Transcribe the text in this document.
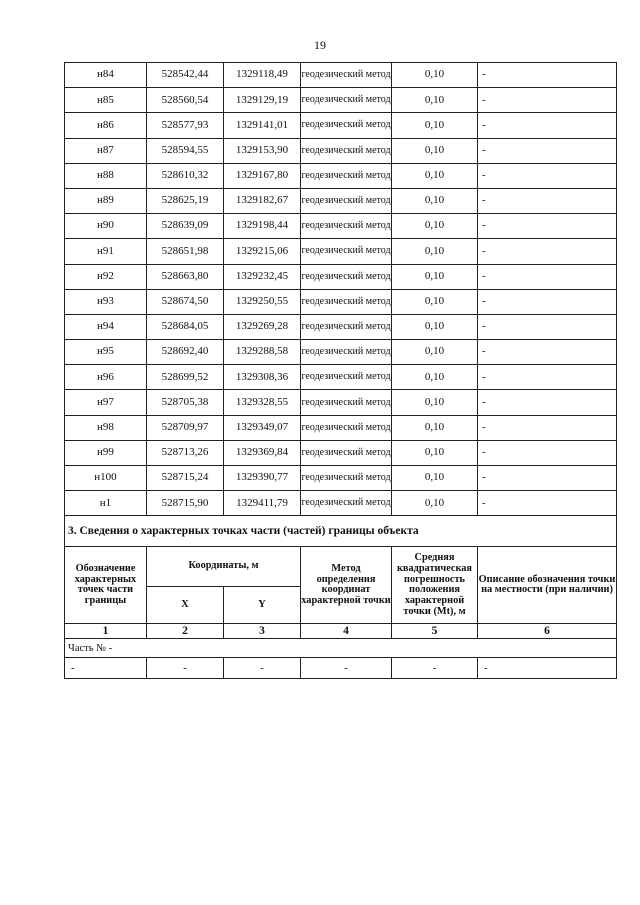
19
н84	528542,44	1329118,49	геодезический метод	0,10	-
н85	528560,54	1329129,19	геодезический метод	0,10	-
н86	528577,93	1329141,01	геодезический метод	0,10	-
н87	528594,55	1329153,90	геодезический метод	0,10	-
н88	528610,32	1329167,80	геодезический метод	0,10	-
н89	528625,19	1329182,67	геодезический метод	0,10	-
н90	528639,09	1329198,44	геодезический метод	0,10	-
н91	528651,98	1329215,06	геодезический метод	0,10	-
н92	528663,80	1329232,45	геодезический метод	0,10	-
н93	528674,50	1329250,55	геодезический метод	0,10	-
н94	528684,05	1329269,28	геодезический метод	0,10	-
н95	528692,40	1329288,58	геодезический метод	0,10	-
н96	528699,52	1329308,36	геодезический метод	0,10	-
н97	528705,38	1329328,55	геодезический метод	0,10	-
н98	528709,97	1329349,07	геодезический метод	0,10	-
н99	528713,26	1329369,84	геодезический метод	0,10	-
н100	528715,24	1329390,77	геодезический метод	0,10	-
н1	528715,90	1329411,79	геодезический метод	0,10	-
3. Сведения о характерных точках части (частей) границы объекта					
Обозначение характерных точек части границы	Координаты, м		Метод определения координат характерной точки	Средняя квадратическая погрешность положения характерной точки (Mt), м	Описание обозначения точки на местности (при наличии)
	X	Y			
1	2	3	4	5	6
Часть № -					
-	-	-	-	-	-
